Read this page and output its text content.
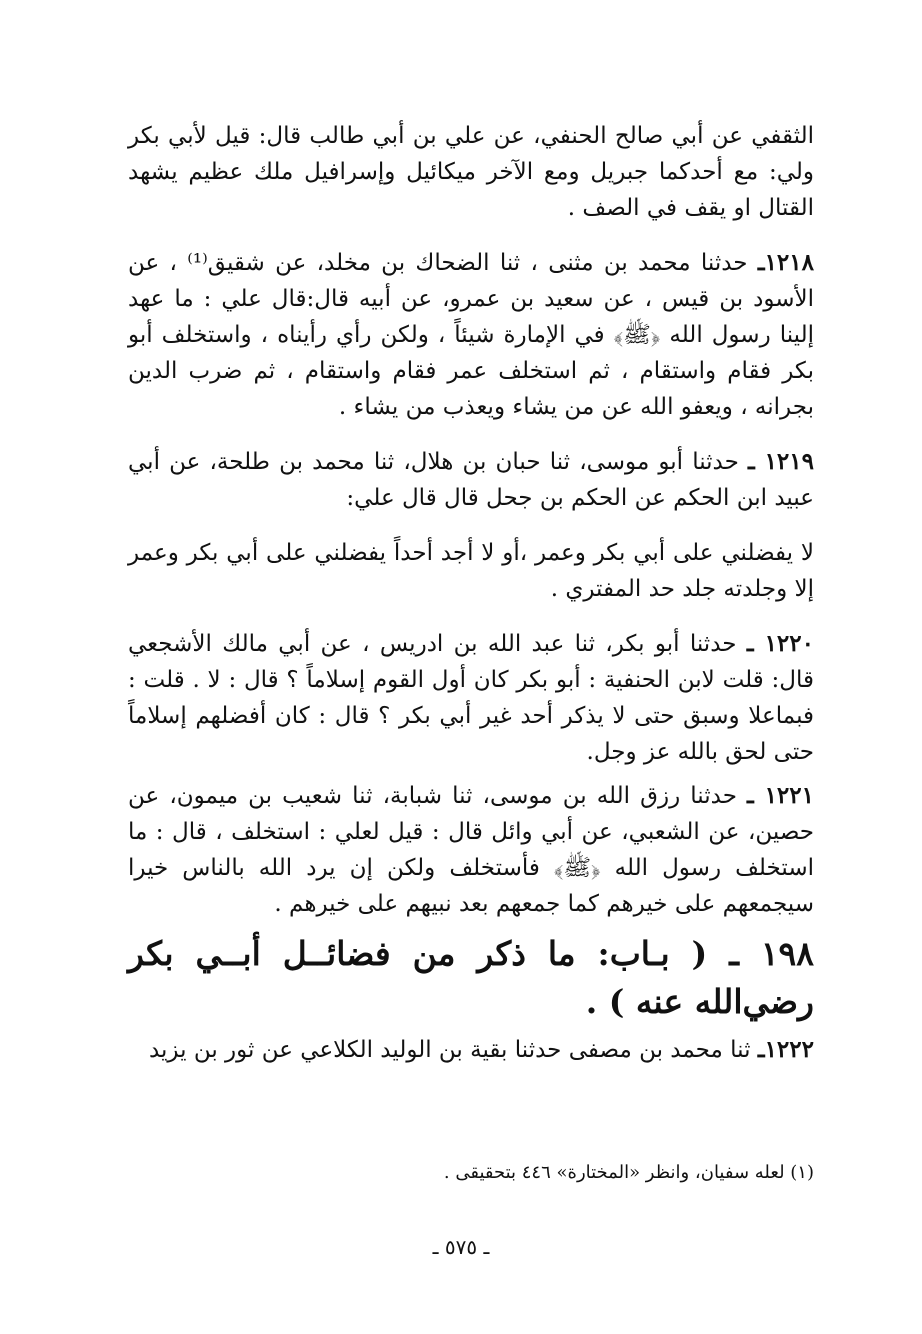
الثقفي عن أبي صالح الحنفي، عن علي بن أبي طالب قال: قيل لأبي بكر ولي: مع أحدكما جبريل ومع الآخر ميكائيل وإسرافيل ملك عظيم يشهد القتال او يقف في الصف .

١٢١٨ـ حدثنا محمد بن مثنى ، ثنا الضحاك بن مخلد، عن شقيق⁽¹⁾ ، عن الأسود بن قيس ، عن سعيد بن عمرو، عن أبيه قال:قال علي : ما عهد إلينا رسول الله ﴿ﷺ﴾ في الإمارة شيئاً ، ولكن رأي رأيناه ، واستخلف أبو بكر فقام واستقام ، ثم استخلف عمر فقام واستقام ، ثم ضرب الدين بجرانه ، ويعفو الله عن من يشاء ويعذب من يشاء .

١٢١٩ ـ حدثنا أبو موسى، ثنا حبان بن هلال، ثنا محمد بن طلحة، عن أبي عبيد ابن الحكم عن الحكم بن جحل قال قال علي:

لا يفضلني على أبي بكر وعمر ،أو لا أجد أحداً يفضلني على أبي بكر وعمر إلا وجلدته جلد حد المفتري .

١٢٢٠ ـ حدثنا أبو بكر، ثنا عبد الله بن ادريس ، عن أبي مالك الأشجعي قال: قلت لابن الحنفية : أبو بكر كان أول القوم إسلاماً ؟ قال : لا . قلت : فبماعلا وسبق حتى لا يذكر أحد غير أبي بكر ؟ قال : كان أفضلهم إسلاماً حتى لحق بالله عز وجل.

١٢٢١ ـ حدثنا رزق الله بن موسى، ثنا شبابة، ثنا شعيب بن ميمون، عن حصين، عن الشعبي، عن أبي وائل قال : قيل لعلي : استخلف ، قال : ما استخلف رسول الله ﴿ﷺ﴾ فأستخلف ولكن إن يرد الله بالناس خيرا سيجمعهم على خيرهم كما جمعهم بعد نبيهم على خيرهم .

١٩٨ ـ ( بـاب: ما ذكر من فضائــل أبــي بكر رضي‌الله عنه ) .

١٢٢٢ـ ثنا محمد بن مصفى حدثنا بقية بن الوليد الكلاعي عن ثور بن يزيد

(١) لعله سفيان، وانظر «المختارة» ٤٤٦ بتحقيقى .
ـ ٥٧٥ ـ
